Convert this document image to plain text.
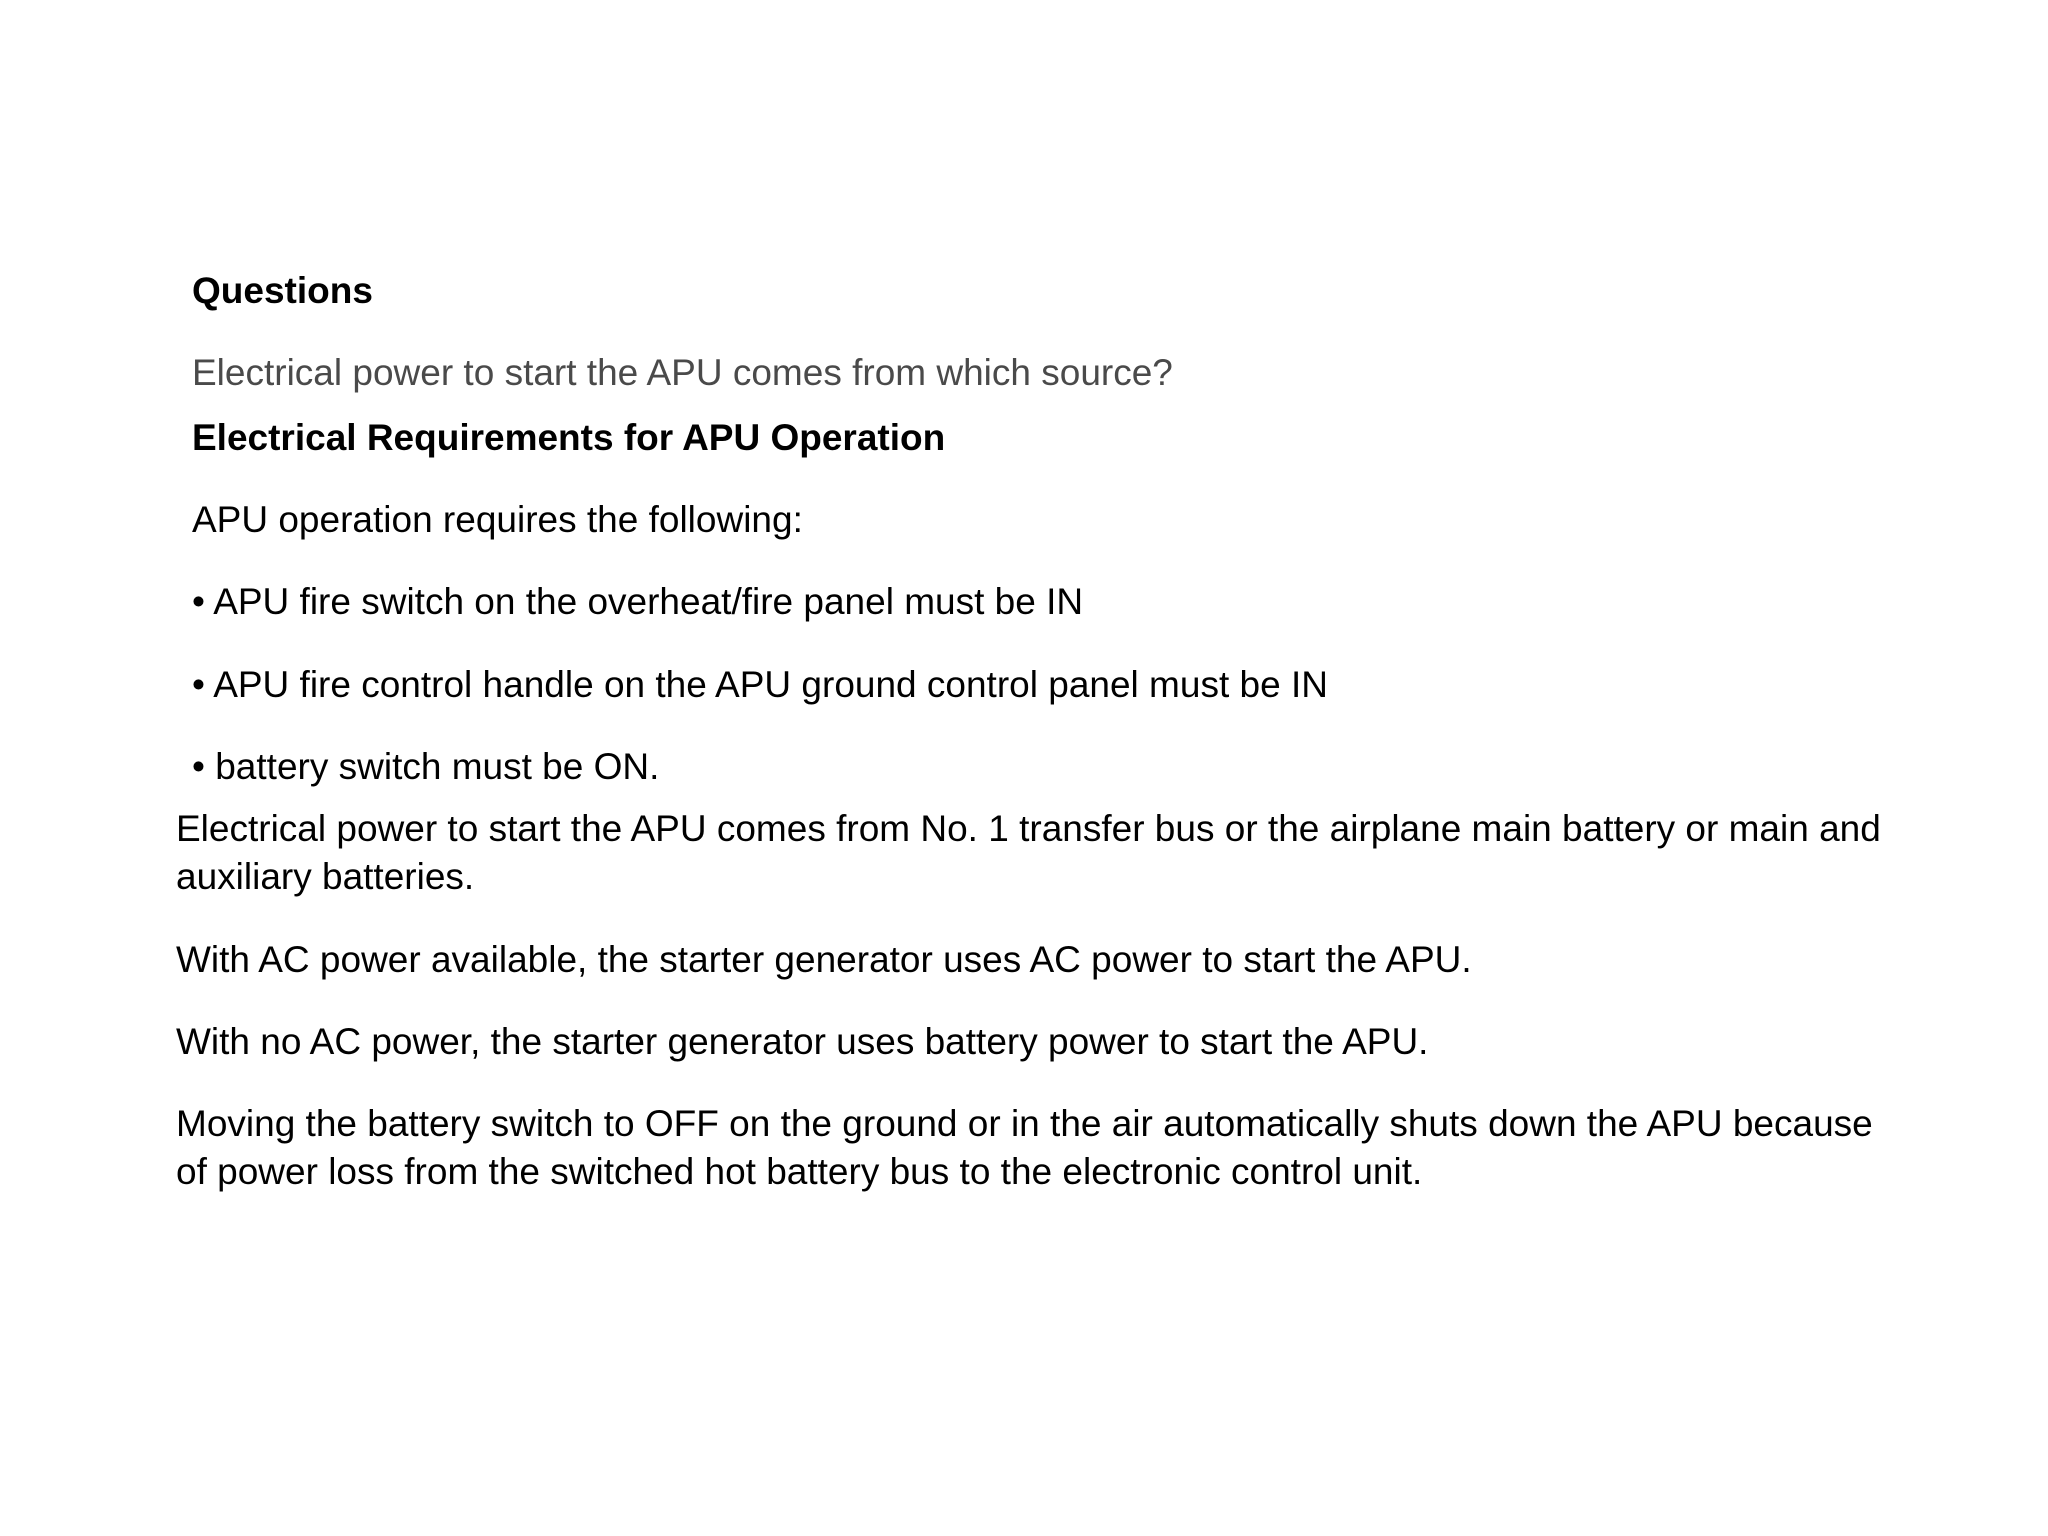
Questions

Electrical power to start the APU comes from which source?

Electrical Requirements for APU Operation

APU operation requires the following:

• APU fire switch on the overheat/fire panel must be IN

• APU fire control handle on the APU ground control panel must be IN

• battery switch must be ON.

Electrical power to start the APU comes from No. 1 transfer bus or the airplane main battery or main and auxiliary batteries.

With AC power available, the starter generator uses AC power to start the APU.

With no AC power, the starter generator uses battery power to start the APU.

Moving the battery switch to OFF on the ground or in the air automatically shuts down the APU because of power loss from the switched hot battery bus to the electronic control unit.
